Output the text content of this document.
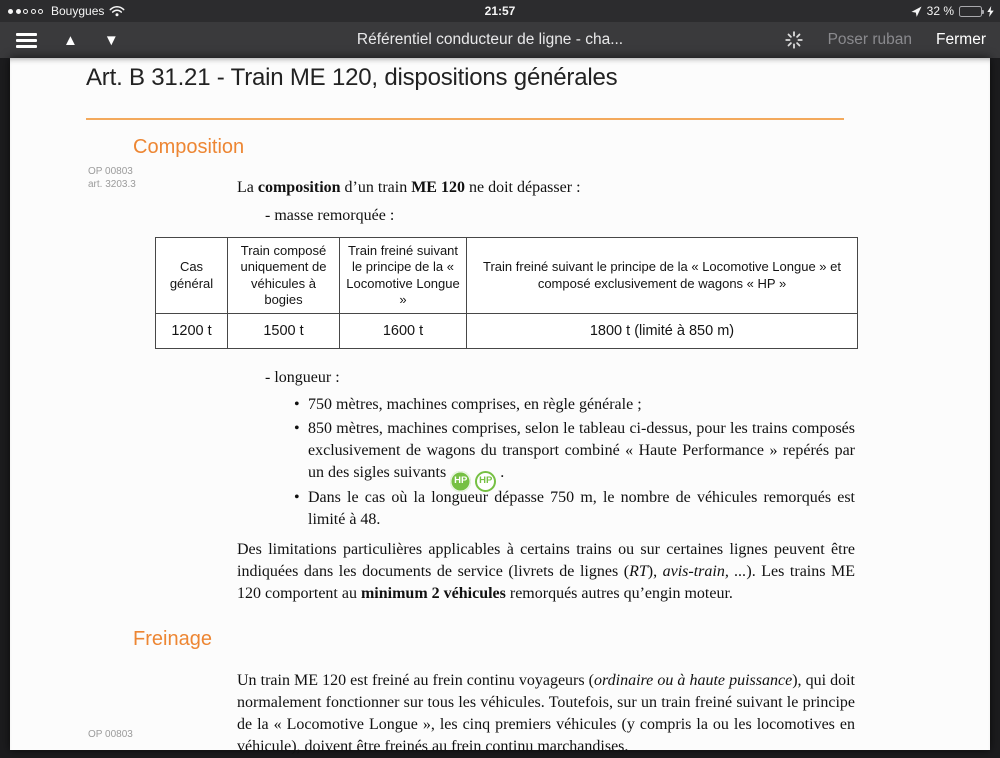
Bouygues	21:57	32 %
▲ ▼	Référentiel conducteur de ligne - cha...	Poser ruban Fermer
Art. B 31.21 - Train ME 120, dispositions générales
Composition
OP 00803
art. 3203.3	La composition d’un train ME 120 ne doit dépasser :
- masse remorquée :
Cas général	Train composé uniquement de véhicules à bogies	Train freiné suivant le principe de la « Locomotive Longue »	Train freiné suivant le principe de la « Locomotive Longue » et composé exclusivement de wagons « HP »
1200 t	1500 t	1600 t	1800 t (limité à 850 m)
- longueur :
• 750 mètres, machines comprises, en règle générale ;
• 850 mètres, machines comprises, selon le tableau ci-dessus, pour les trains composés exclusivement de wagons du transport combiné « Haute Performance » repérés par un des sigles suivants HP HP .
• Dans le cas où la longueur dépasse 750 m, le nombre de véhicules remorqués est limité à 48.
Des limitations particulières applicables à certains trains ou sur certaines lignes peuvent être indiquées dans les documents de service (livrets de lignes (RT), avis-train, ...). Les trains ME 120 comportent au minimum 2 véhicules remorqués autres qu’engin moteur.
Freinage
Un train ME 120 est freiné au frein continu voyageurs (ordinaire ou à haute puissance), qui doit normalement fonctionner sur tous les véhicules. Toutefois, sur un train freiné suivant le principe de la « Locomotive Longue », les cinq premiers véhicules (y compris la ou les locomotives en véhicule), doivent être freinés au frein continu marchandises.
OP 00803
